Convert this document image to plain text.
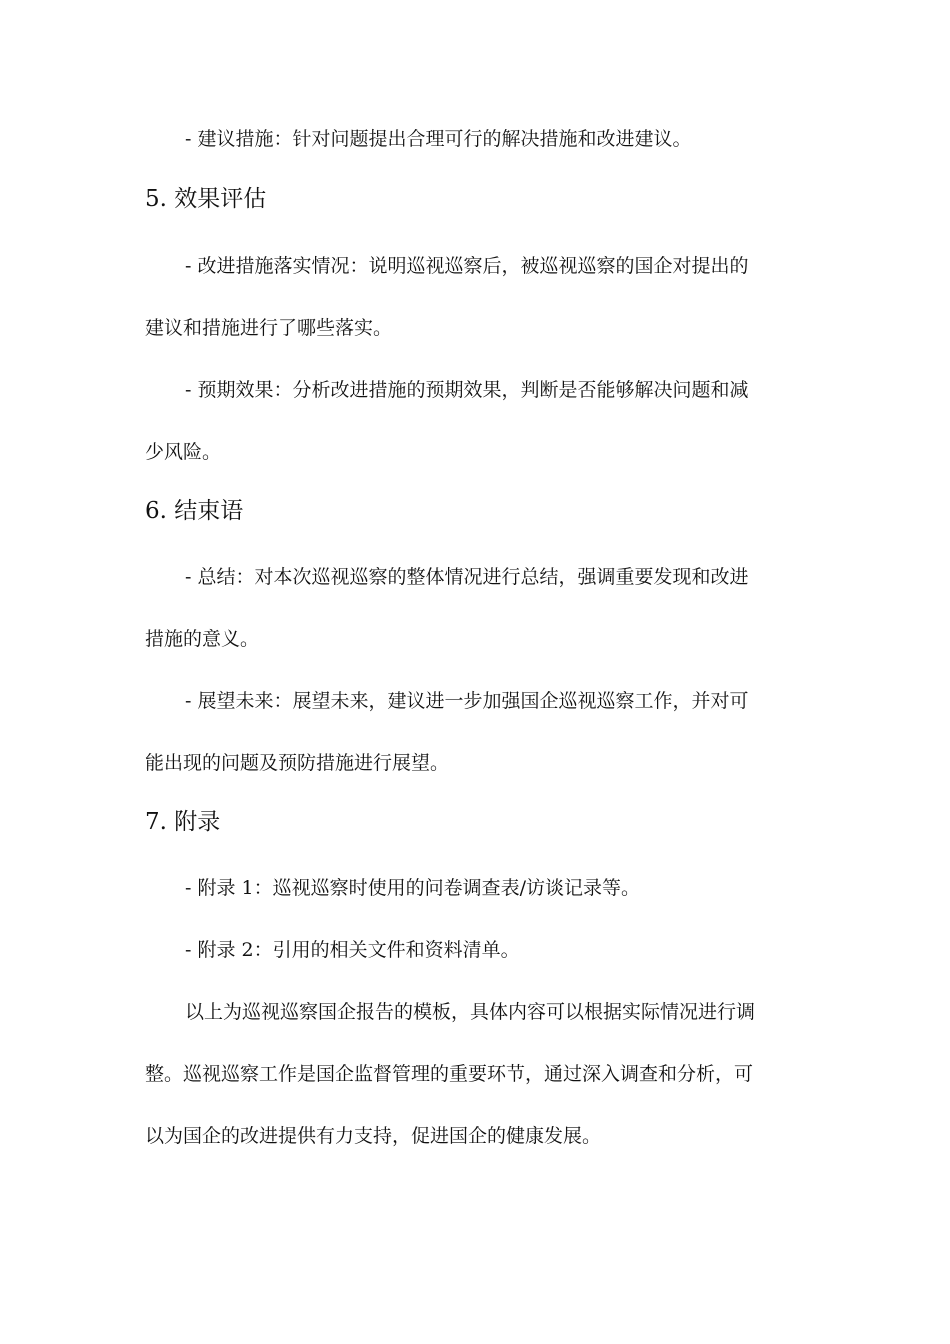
- 建议措施：针对问题提出合理可行的解决措施和改进建议。
5. 效果评估
- 改进措施落实情况：说明巡视巡察后，被巡视巡察的国企对提出的
建议和措施进行了哪些落实。
- 预期效果：分析改进措施的预期效果，判断是否能够解决问题和减
少风险。
6. 结束语
- 总结：对本次巡视巡察的整体情况进行总结，强调重要发现和改进
措施的意义。
- 展望未来：展望未来，建议进一步加强国企巡视巡察工作，并对可
能出现的问题及预防措施进行展望。
7. 附录
- 附录 1：巡视巡察时使用的问卷调查表/访谈记录等。
- 附录 2：引用的相关文件和资料清单。
以上为巡视巡察国企报告的模板，具体内容可以根据实际情况进行调
整。巡视巡察工作是国企监督管理的重要环节，通过深入调查和分析，可
以为国企的改进提供有力支持，促进国企的健康发展。
